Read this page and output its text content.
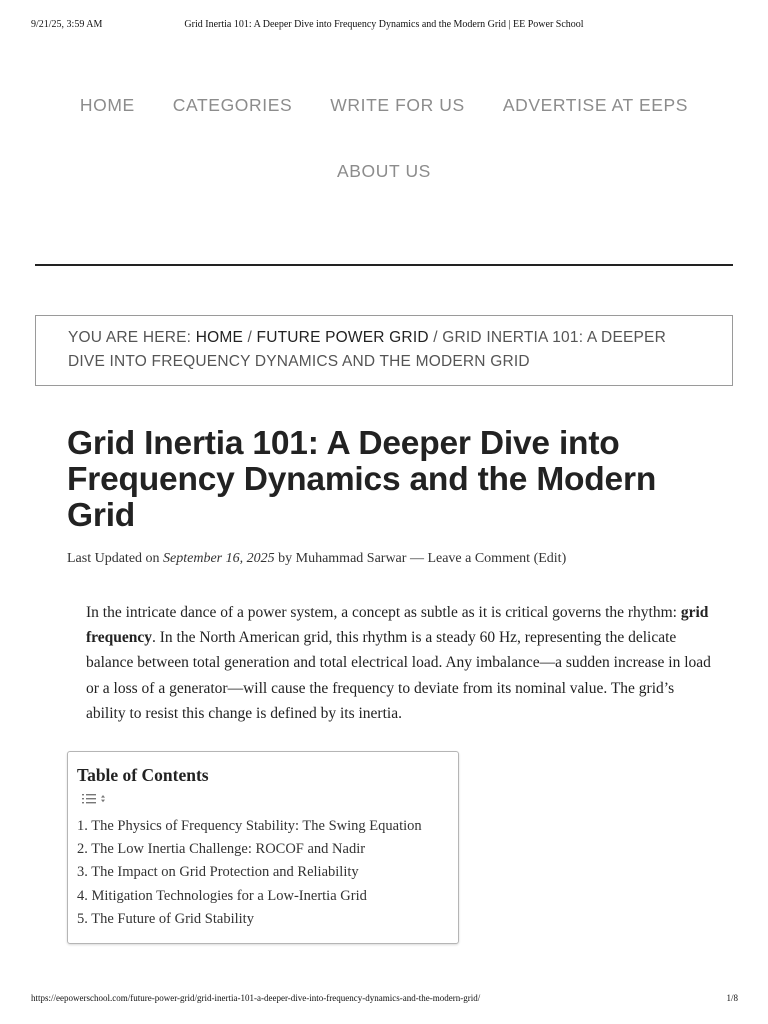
9/21/25, 3:59 AM	Grid Inertia 101: A Deeper Dive into Frequency Dynamics and the Modern Grid | EE Power School
HOME CATEGORIES WRITE FOR US ADVERTISE AT EEPS
ABOUT US
YOU ARE HERE: HOME / FUTURE POWER GRID / GRID INERTIA 101: A DEEPER DIVE INTO FREQUENCY DYNAMICS AND THE MODERN GRID
Grid Inertia 101: A Deeper Dive into Frequency Dynamics and the Modern Grid
Last Updated on September 16, 2025 by Muhammad Sarwar — Leave a Comment (Edit)

In the intricate dance of a power system, a concept as subtle as it is critical governs the rhythm: grid frequency. In the North American grid, this rhythm is a steady 60 Hz, representing the delicate balance between total generation and total electrical load. Any imbalance—a sudden increase in load or a loss of a generator—will cause the frequency to deviate from its nominal value. The grid’s ability to resist this change is defined by its inertia.

Table of Contents
1. The Physics of Frequency Stability: The Swing Equation
2. The Low Inertia Challenge: ROCOF and Nadir
3. The Impact on Grid Protection and Reliability
4. Mitigation Technologies for a Low-Inertia Grid
5. The Future of Grid Stability
https://eepowerschool.com/future-power-grid/grid-inertia-101-a-deeper-dive-into-frequency-dynamics-and-the-modern-grid/	1/8
